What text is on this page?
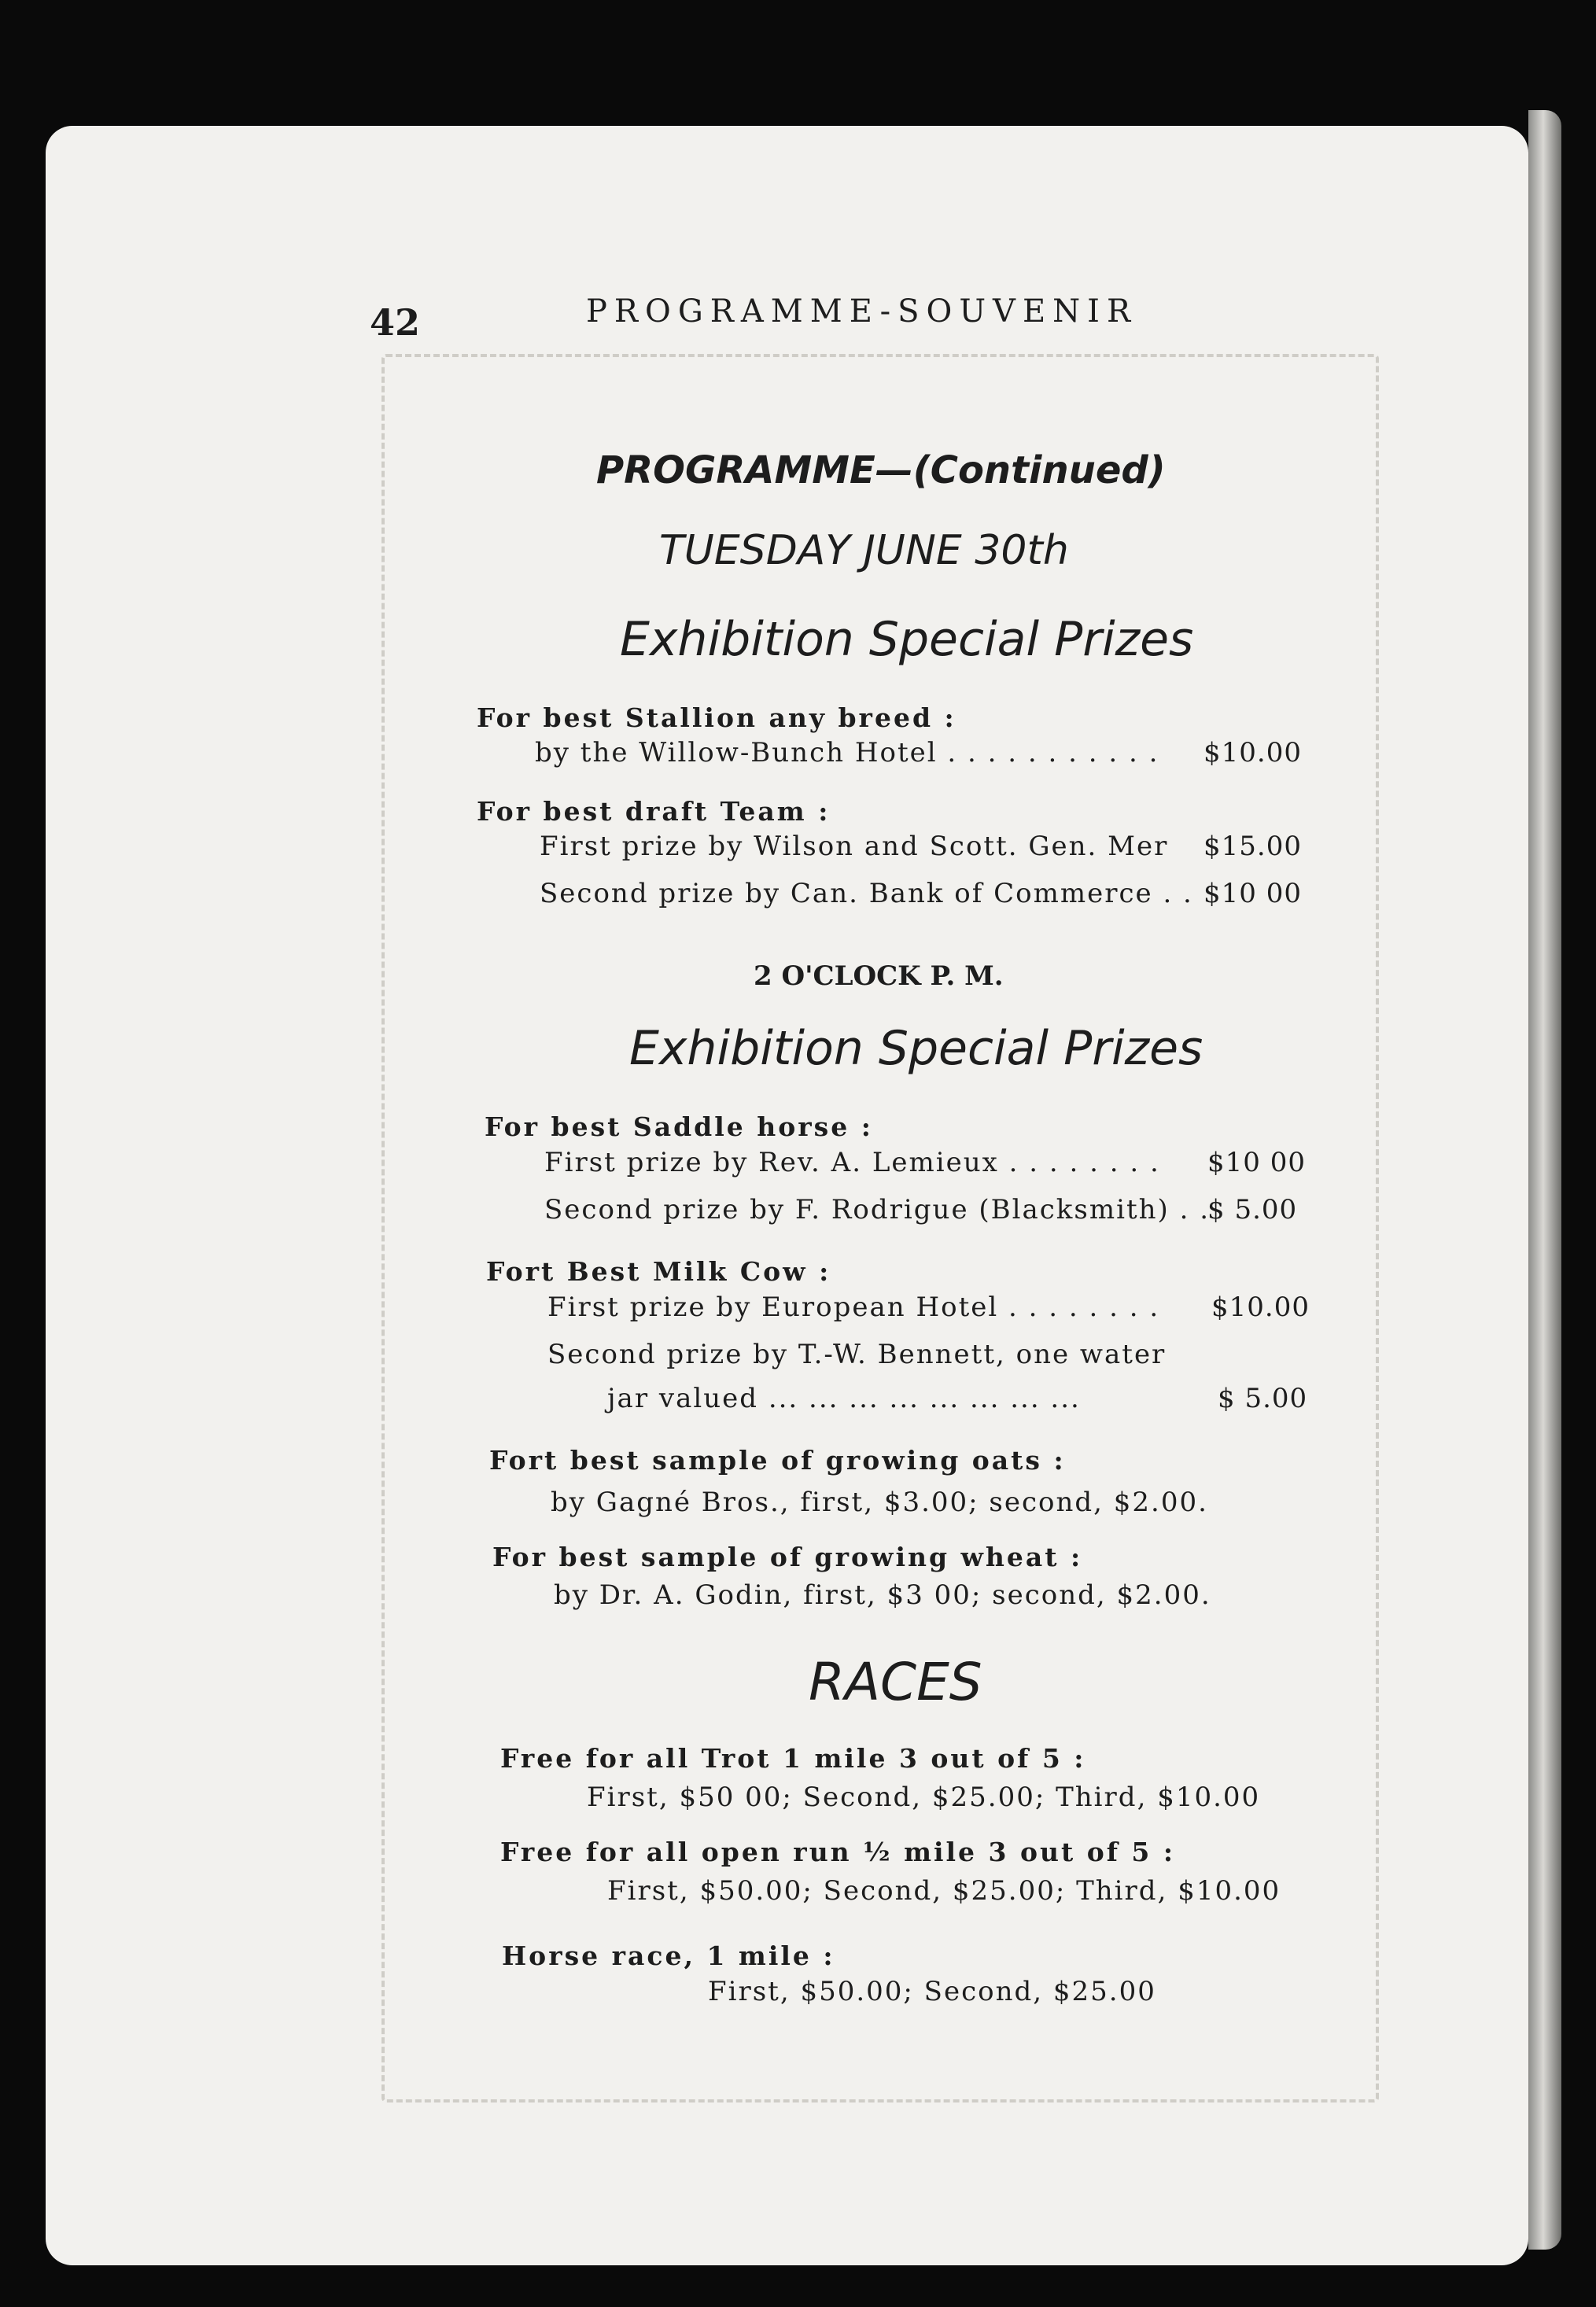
42	PROGRAMME-SOUVENIR
PROGRAMME—(Continued)
TUESDAY JUNE 30th
Exhibition Special Prizes
For best Stallion any breed :
by the Willow-Bunch Hotel . . . . . . . . . . . $10.00
For best draft Team :
First prize by Wilson and Scott. Gen. Mer $15.00
Second prize by Can. Bank of Commerce . . $10 00
2 O'CLOCK P. M.
Exhibition Special Prizes
For best Saddle horse :
First prize by Rev. A. Lemieux . . . . . . . . $10 00
Second prize by F. Rodrigue (Blacksmith) . .
$ 5.00
Fort Best Milk Cow :
First prize by European Hotel . . . . . . . . $10.00
Second prize by T.-W. Bennett, one water
jar valued ... ... ... ... ... ... ... ...	$ 5.00
Fort best sample of growing oats :
by Gagné Bros., first, $3.00; second, $2.00.
For best sample of growing wheat :
by Dr. A. Godin, first, $3 00; second, $2.00.
RACES
Free for all Trot 1 mile 3 out of 5 :
First, $50 00; Second, $25.00; Third, $10.00
Free for all open run ½ mile 3 out of 5 :
First, $50.00; Second, $25.00; Third, $10.00
Horse race, 1 mile :
First, $50.00; Second, $25.00
